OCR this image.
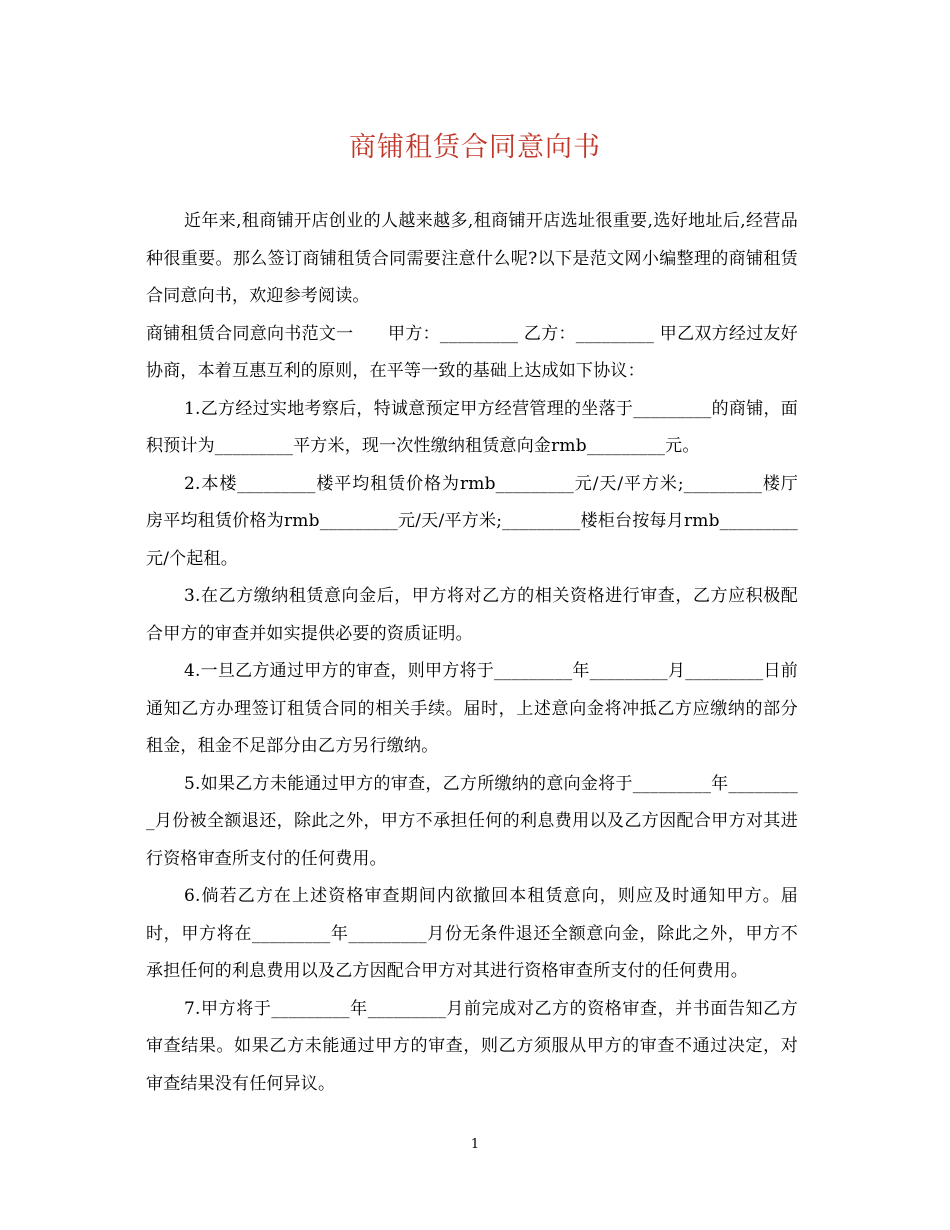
商铺租赁合同意向书

近年来,租商铺开店创业的人越来越多,租商铺开店选址很重要,选好地址后,经营品种很重要。那么签订商铺租赁合同需要注意什么呢?以下是范文网小编整理的商铺租赁合同意向书，欢迎参考阅读。

商铺租赁合同意向书范文一　　甲方：_________ 乙方：_________ 甲乙双方经过友好协商，本着互惠互利的原则，在平等一致的基础上达成如下协议：

1.乙方经过实地考察后，特诚意预定甲方经营管理的坐落于_________的商铺，面积预计为_________平方米，现一次性缴纳租赁意向金rmb_________元。

2.本楼_________楼平均租赁价格为rmb_________元/天/平方米;_________楼厅房平均租赁价格为rmb_________元/天/平方米;_________楼柜台按每月rmb_________元/个起租。

3.在乙方缴纳租赁意向金后，甲方将对乙方的相关资格进行审查，乙方应积极配合甲方的审查并如实提供必要的资质证明。

4.一旦乙方通过甲方的审查，则甲方将于_________年_________月_________日前通知乙方办理签订租赁合同的相关手续。届时，上述意向金将冲抵乙方应缴纳的部分租金，租金不足部分由乙方另行缴纳。

5.如果乙方未能通过甲方的审查，乙方所缴纳的意向金将于_________年_________月份被全额退还，除此之外，甲方不承担任何的利息费用以及乙方因配合甲方对其进行资格审查所支付的任何费用。

6.倘若乙方在上述资格审查期间内欲撤回本租赁意向，则应及时通知甲方。届时，甲方将在_________年_________月份无条件退还全额意向金，除此之外，甲方不承担任何的利息费用以及乙方因配合甲方对其进行资格审查所支付的任何费用。

7.甲方将于_________年_________月前完成对乙方的资格审查，并书面告知乙方审查结果。如果乙方未能通过甲方的审查，则乙方须服从甲方的审查不通过决定，对审查结果没有任何异议。

1
